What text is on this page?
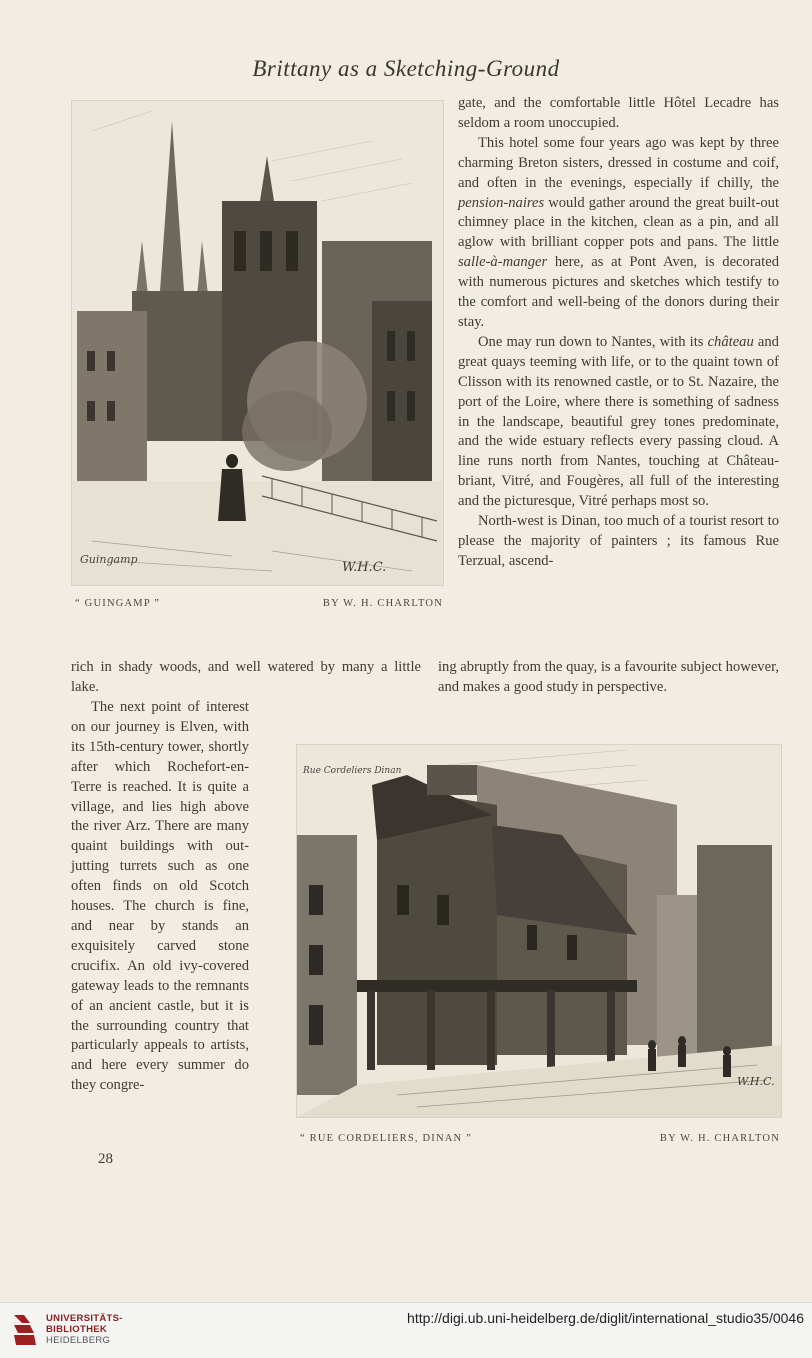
Brittany as a Sketching-Ground
Guingamp
W.H.C.
“ GUINGAMP ”	BY W. H. CHARLTON

gate, and the comfortable little Hôtel Lecadre has seldom a room unoccupied.

This hotel some four years ago was kept by three charming Breton sisters, dressed in costume and coif, and often in the evenings, especially if chilly, the pension-naires would gather around the great built-out chimney place in the kitchen, clean as a pin, and all aglow with brilliant copper pots and pans. The little salle-à-manger here, as at Pont Aven, is decorated with numerous pictures and sketches which testify to the comfort and well-being of the donors during their stay.

One may run down to Nantes, with its château and great quays teeming with life, or to the quaint town of Clisson with its renowned castle, or to St. Nazaire, the port of the Loire, where there is something of sadness in the landscape, beautiful grey tones predominate, and the wide estuary reflects every passing cloud. A line runs north from Nantes, touching at Château-briant, Vitré, and Fougères, all full of the interesting and the picturesque, Vitré perhaps most so.

North-west is Dinan, too much of a tourist resort to please the majority of painters ; its famous Rue Terzual, ascend-

rich in shady woods, and well watered by many a little lake.
ing abruptly from the quay, is a favourite subject however, and makes a good study in perspective.

The next point of interest on our journey is Elven, with its 15th-century tower, shortly after which Rochefort-en-Terre is reached. It is quite a village, and lies high above the river Arz. There are many quaint buildings with out-jutting turrets such as one often finds on old Scotch houses. The church is fine, and near by stands an exquisitely carved stone crucifix. An old ivy-covered gateway leads to the remnants of an ancient castle, but it is the surrounding country that particularly appeals to artists, and here every summer do they congre-

Rue Cordeliers Dinan
W.H.C.
“ RUE CORDELIERS, DINAN ”	BY W. H. CHARLTON
28
UNIVERSITÄTS-
BIBLIOTHEK
HEIDELBERG
http://digi.ub.uni-heidelberg.de/diglit/international_studio35/0046
